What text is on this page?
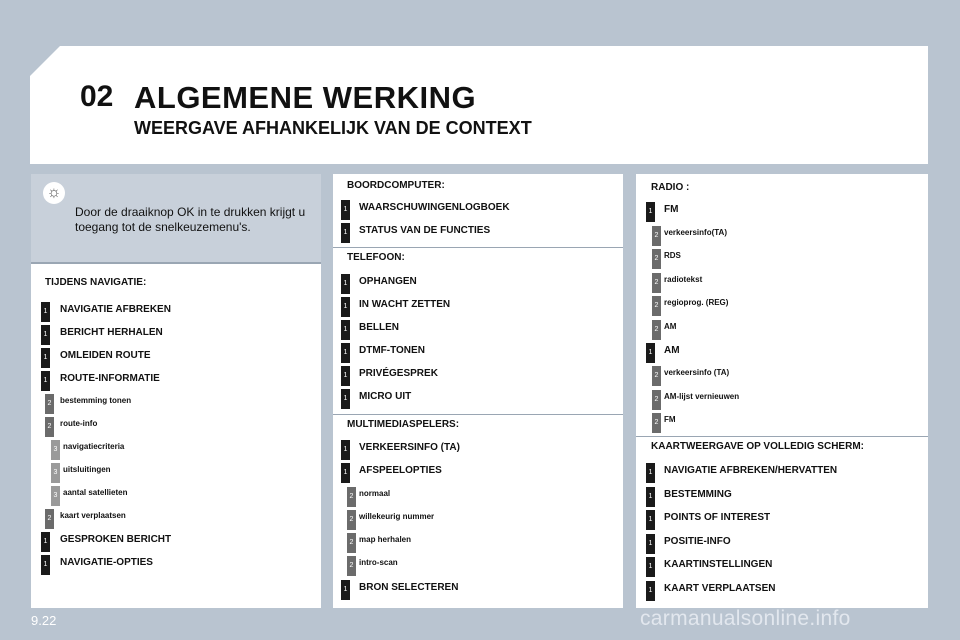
02 ALGEMENE WERKING
WEERGAVE AFHANKELIJK VAN DE CONTEXT
☼
Door de draaiknop OK in te drukken krijgt u toegang tot de snelkeuzemenu's.
TIJDENS NAVIGATIE:
1 NAVIGATIE AFBREKEN
1 BERICHT HERHALEN
1 OMLEIDEN ROUTE
1 ROUTE-INFORMATIE
2	bestemming tonen
2	route-info
3 navigatiecriteria
3 uitsluitingen
3 aantal satellieten
2	kaart verplaatsen
1 GESPROKEN BERICHT
1 NAVIGATIE-OPTIES
BOORDCOMPUTER:
1 WAARSCHUWINGENLOGBOEK
1 STATUS VAN DE FUNCTIES
TELEFOON:
1 OPHANGEN
1 IN WACHT ZETTEN
1 BELLEN
1 DTMF-TONEN
1 PRIVÉGESPREK
1 MICRO UIT
MULTIMEDIASPELERS:
1 VERKEERSINFO (TA)
1 AFSPEELOPTIES
2 normaal
2 willekeurig nummer
2 map herhalen
2 intro-scan
1 BRON SELECTEREN
RADIO :
1 FM
2 verkeersinfo(TA)
2 RDS
2 radiotekst
2 regioprog. (REG)
2 AM
1 AM
2 verkeersinfo (TA)
2 AM-lijst vernieuwen
2 FM
KAARTWEERGAVE OP VOLLEDIG SCHERM:
1 NAVIGATIE AFBREKEN/HERVATTEN
1 BESTEMMING
1 POINTS OF INTEREST
1 POSITIE-INFO
1 KAARTINSTELLINGEN
1 KAART VERPLAATSEN
9.22	carmanualsonline.info
